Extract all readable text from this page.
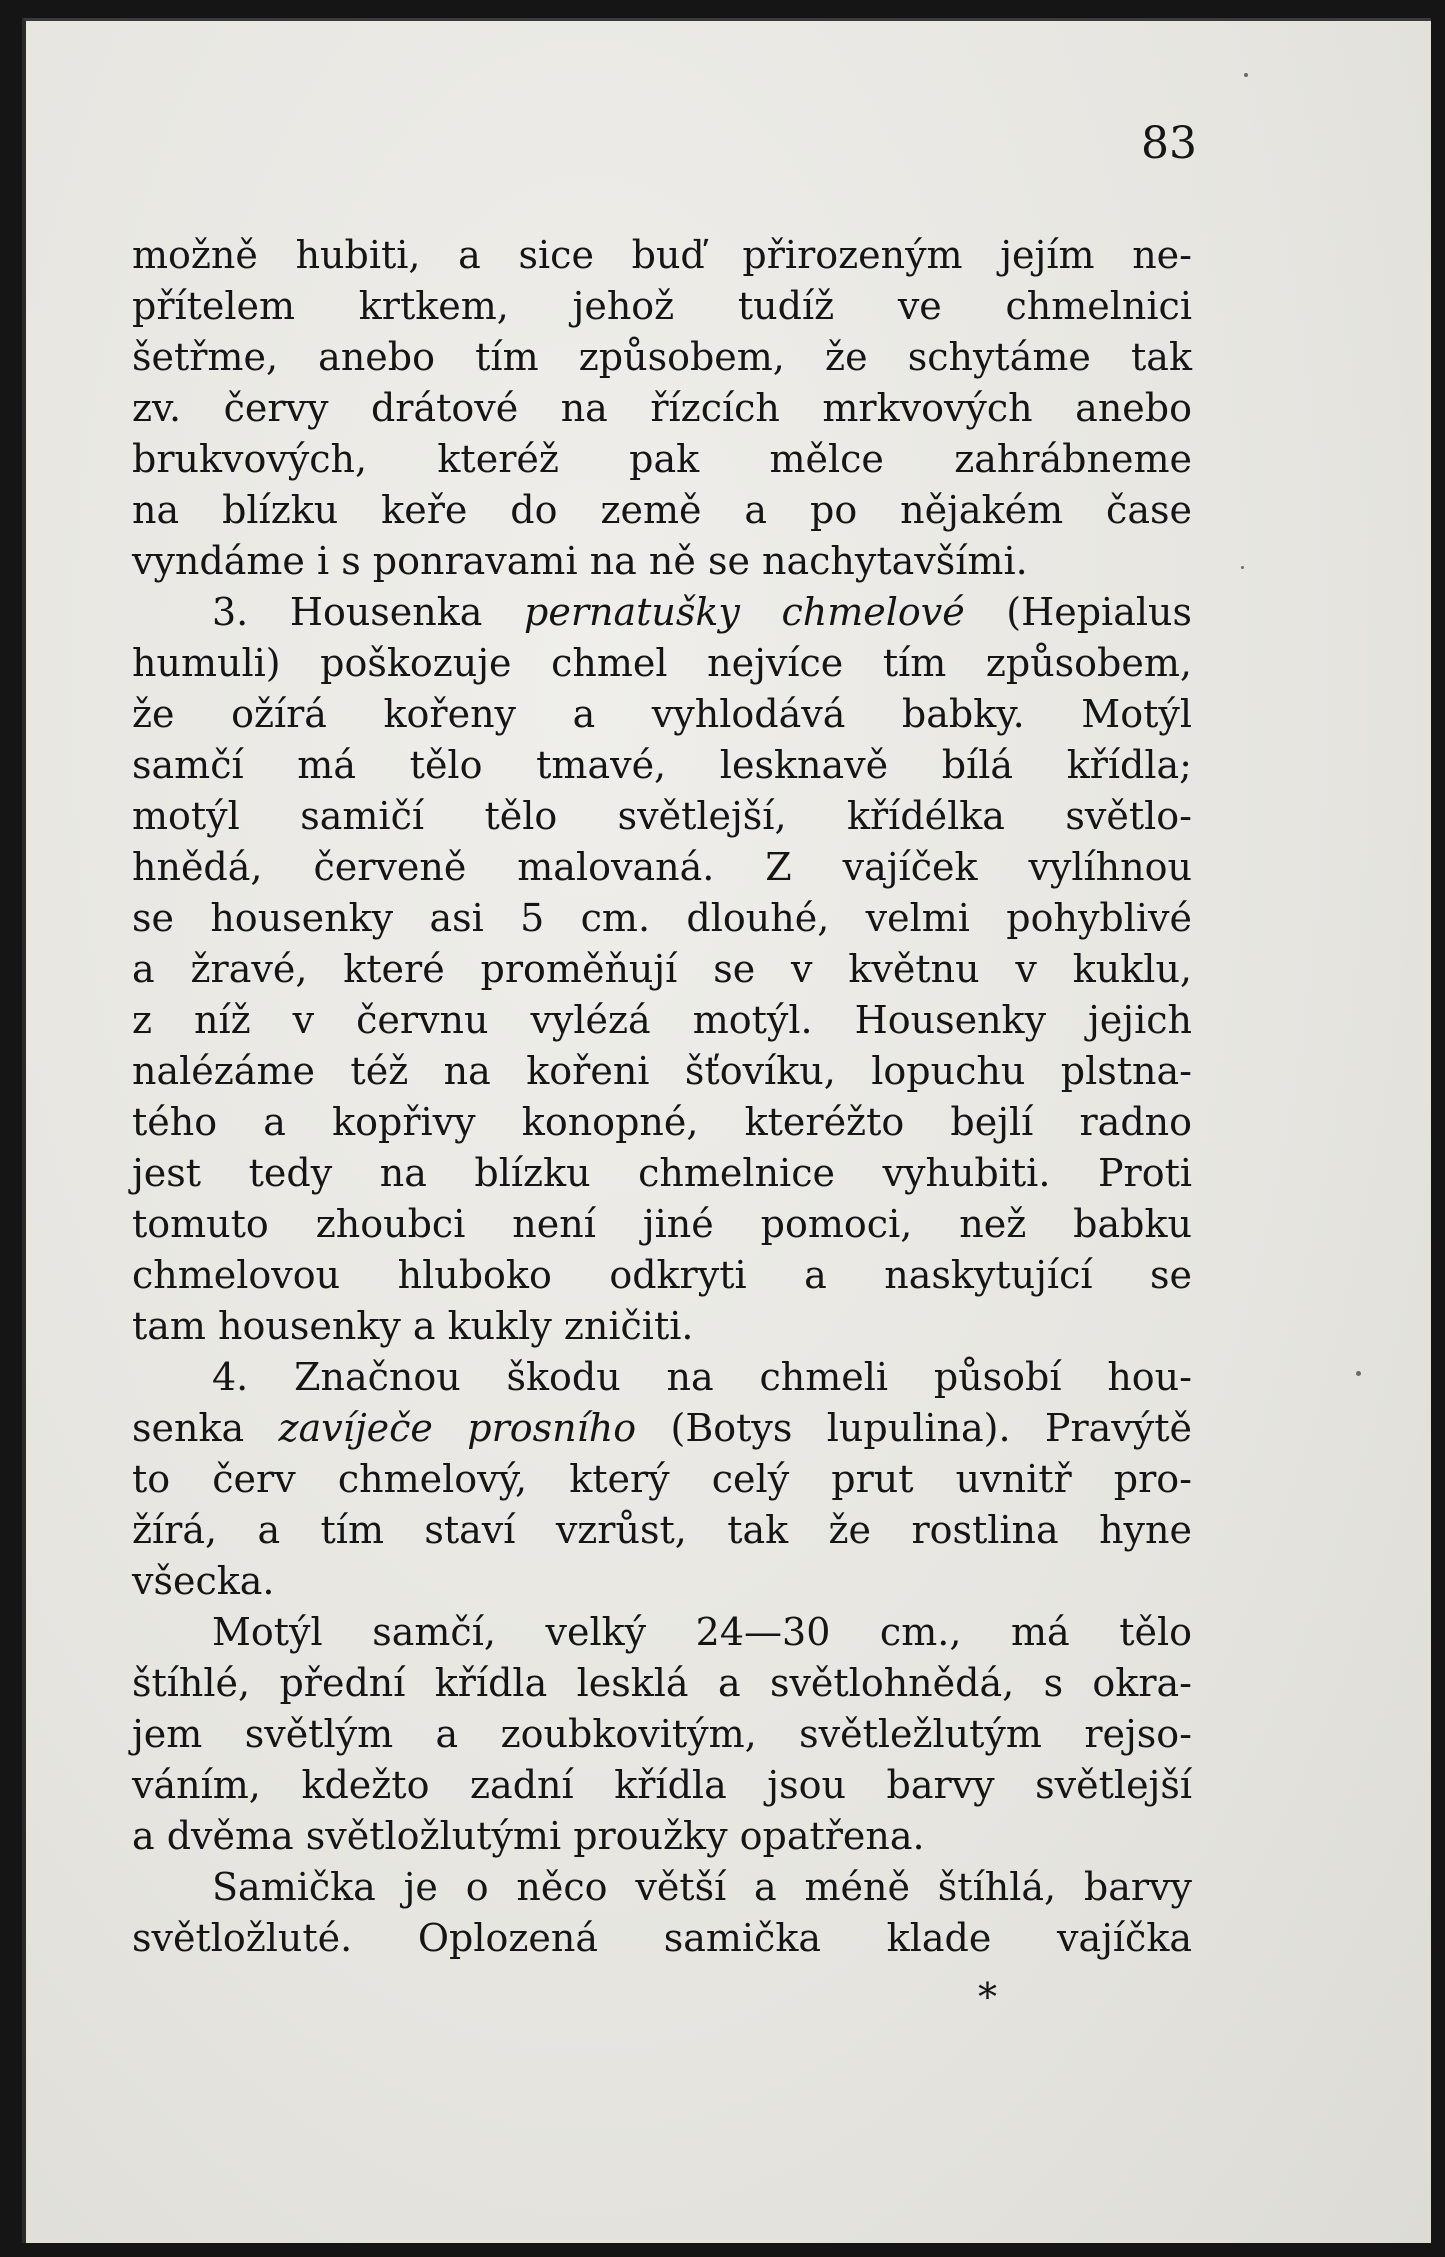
83
možně hubiti, a sice buď přirozeným jejím ne-
přítelem krtkem, jehož tudíž ve chmelnici
šetřme, anebo tím způsobem, že schytáme tak
zv. červy drátové na řízcích mrkvových anebo
brukvových, kteréž pak mělce zahrábneme
na blízku keře do země a po nějakém čase
vyndáme i s ponravami na ně se nachytavšími.
3. Housenka pernatušky chmelové (Hepialus
humuli) poškozuje chmel nejvíce tím způsobem,
že ožírá kořeny a vyhlodává babky. Motýl
samčí má tělo tmavé, lesknavě bílá křídla;
motýl samičí tělo světlejší, křídélka světlo-
hnědá, červeně malovaná. Z vajíček vylíhnou
se housenky asi 5 cm. dlouhé, velmi pohyblivé
a žravé, které proměňují se v květnu v kuklu,
z níž v červnu vylézá motýl. Housenky jejich
nalézáme též na kořeni šťovíku, lopuchu plstna-
tého a kopřivy konopné, kteréžto bejlí radno
jest tedy na blízku chmelnice vyhubiti. Proti
tomuto zhoubci není jiné pomoci, než babku
chmelovou hluboko odkryti a naskytující se
tam housenky a kukly zničiti.
4. Značnou škodu na chmeli působí hou-
senka zavíječe prosního (Botys lupulina). Pravýtě
to červ chmelový, který celý prut uvnitř pro-
žírá, a tím staví vzrůst, tak že rostlina hyne
všecka.
Motýl samčí, velký 24—30 cm., má tělo
štíhlé, přední křídla lesklá a světlohnědá, s okra-
jem světlým a zoubkovitým, světležlutým rejso-
váním, kdežto zadní křídla jsou barvy světlejší
a dvěma světložlutými proužky opatřena.
Samička je o něco větší a méně štíhlá, barvy
světložluté. Oplozená samička klade vajíčka
*
